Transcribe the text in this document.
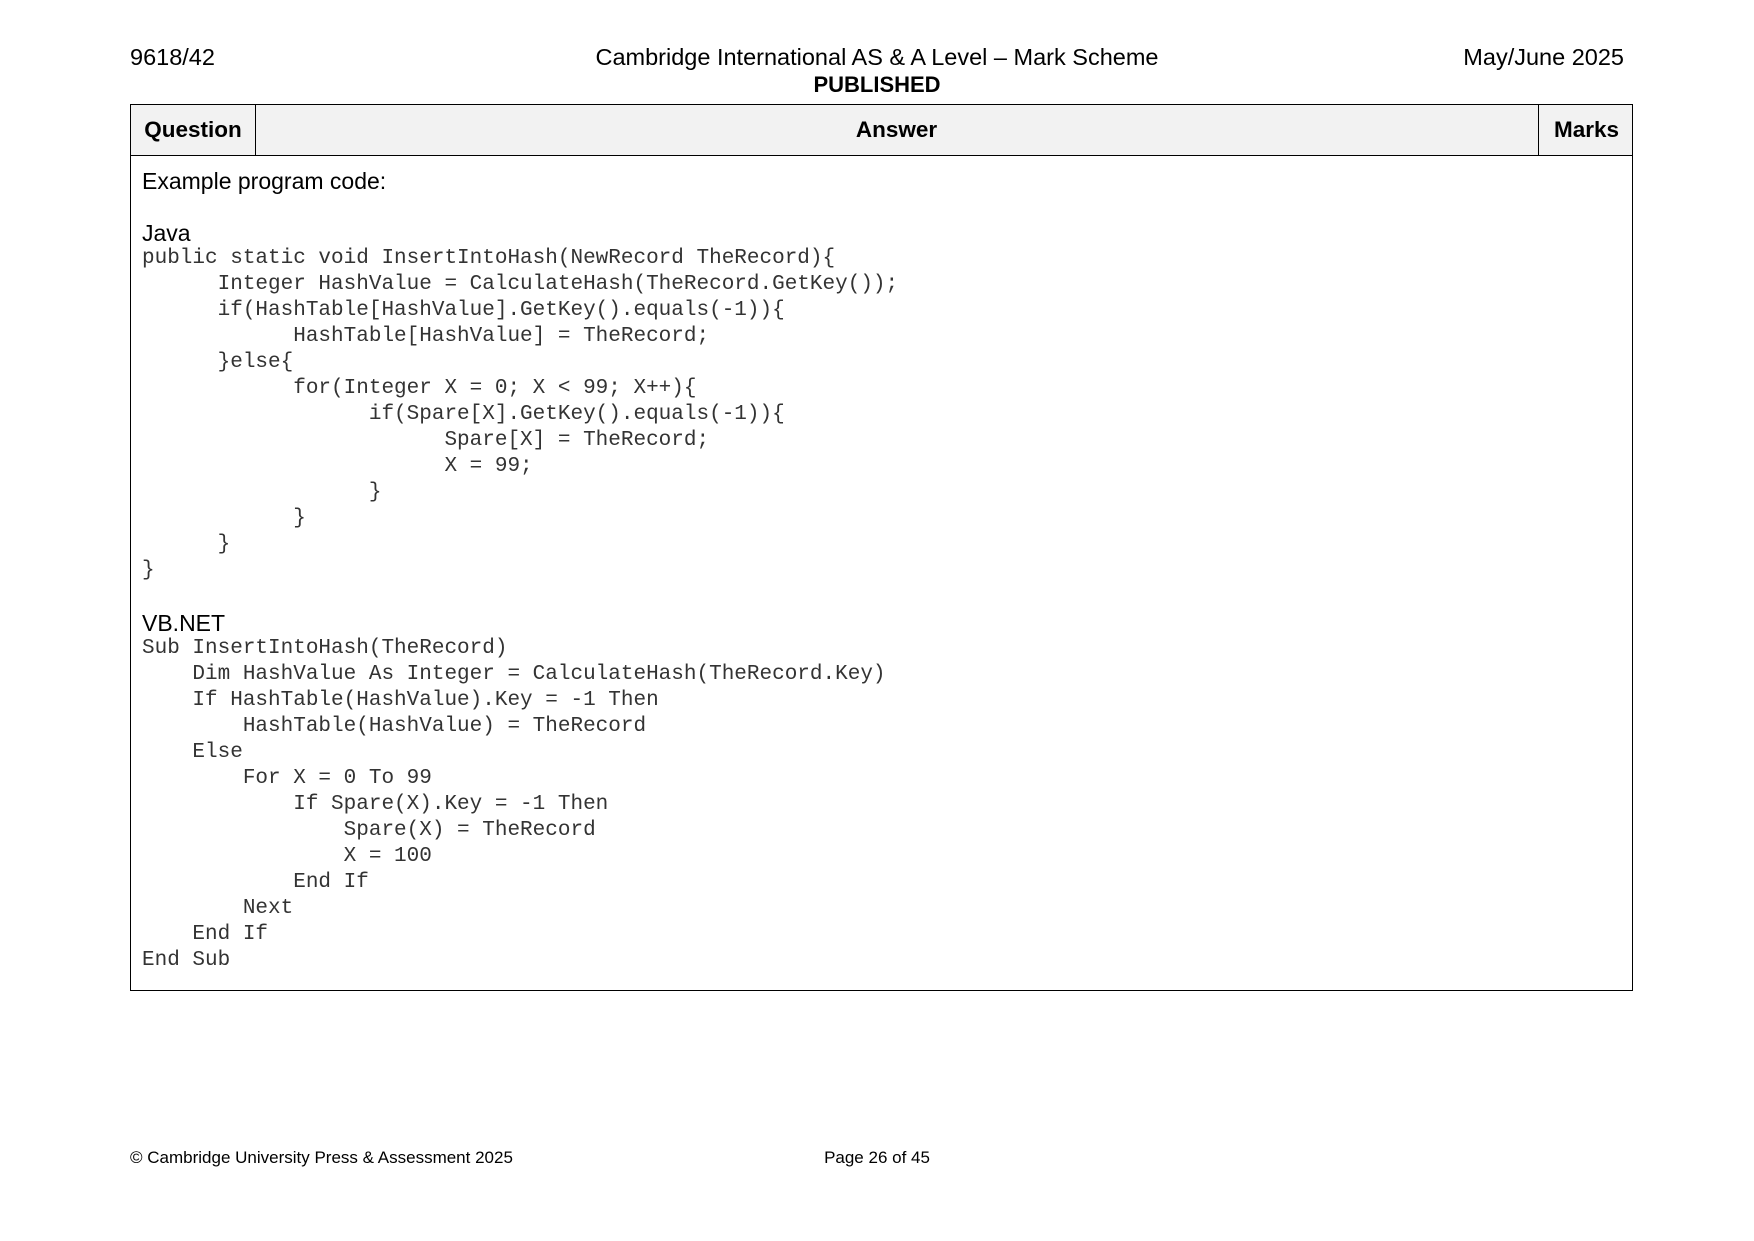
9618/42	Cambridge International AS & A Level – Mark Scheme	May/June 2025
PUBLISHED
Question	Answer	Marks
Example program code:
Java
public static void InsertIntoHash(NewRecord TheRecord){
Integer HashValue = CalculateHash(TheRecord.GetKey());
if(HashTable[HashValue].GetKey().equals(-1)){
HashTable[HashValue] = TheRecord;
}else{
for(Integer X = 0; X < 99; X++){
if(Spare[X].GetKey().equals(-1)){
Spare[X] = TheRecord;
X = 99;
}
}
}
}
VB.NET
Sub InsertIntoHash(TheRecord)
Dim HashValue As Integer = CalculateHash(TheRecord.Key)
If HashTable(HashValue).Key = -1 Then
HashTable(HashValue) = TheRecord
Else
For X = 0 To 99
If Spare(X).Key = -1 Then
Spare(X) = TheRecord
X = 100
End If
Next
End If
End Sub
© Cambridge University Press & Assessment 2025	Page 26 of 45
